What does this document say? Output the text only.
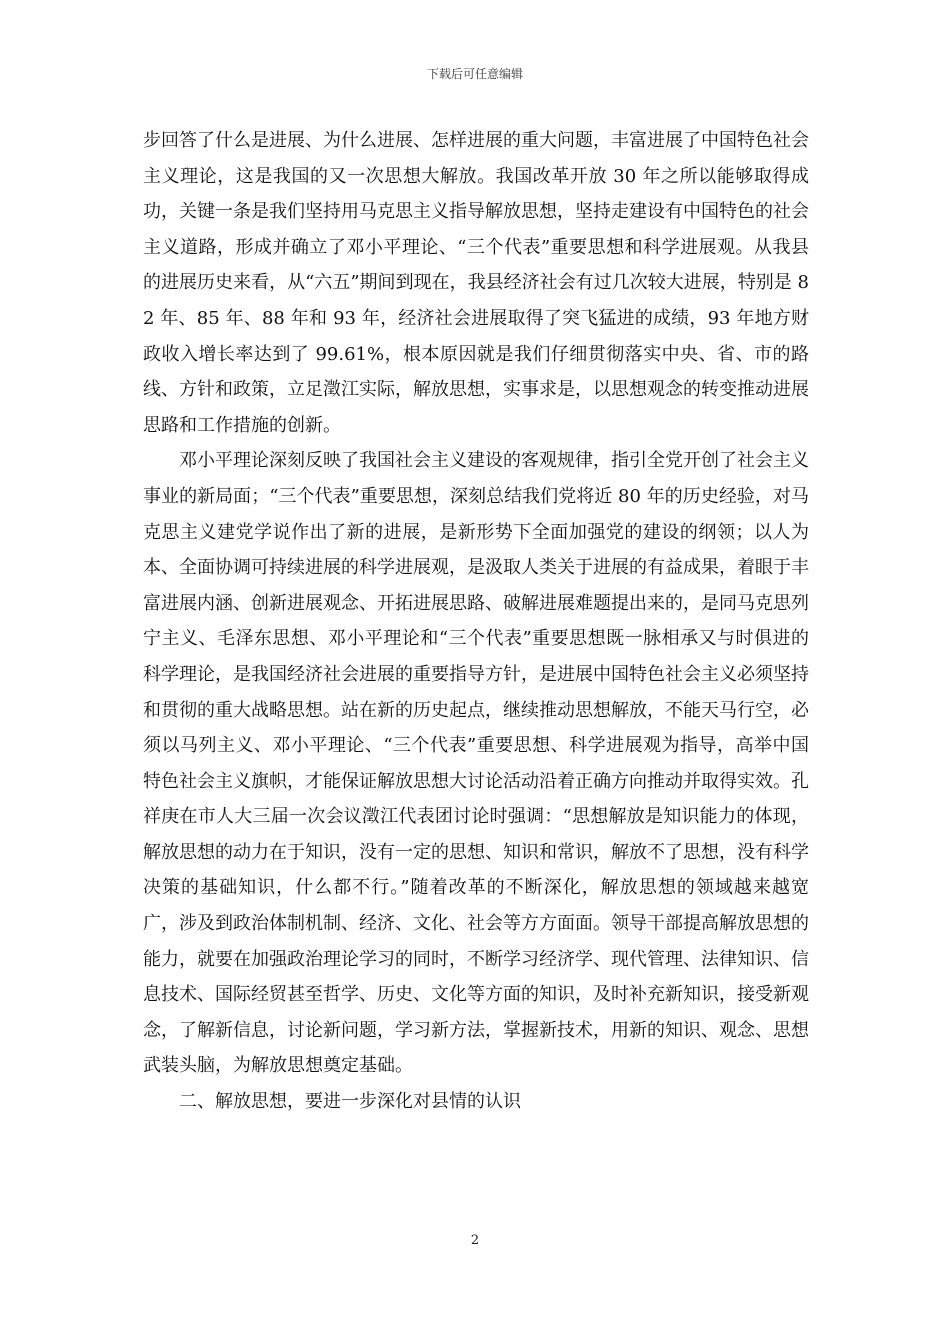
下载后可任意编辑

步回答了什么是进展、为什么进展、怎样进展的重大问题，丰富进展了中国特色社会主义理论，这是我国的又一次思想大解放。我国改革开放 30 年之所以能够取得成功，关键一条是我们坚持用马克思主义指导解放思想，坚持走建设有中国特色的社会主义道路，形成并确立了邓小平理论、“三个代表”重要思想和科学进展观。从我县的进展历史来看，从“六五”期间到现在，我县经济社会有过几次较大进展，特别是 82 年、85 年、88 年和 93 年，经济社会进展取得了突飞猛进的成绩，93 年地方财政收入增长率达到了 99.61%，根本原因就是我们仔细贯彻落实中央、省、市的路线、方针和政策，立足澂江实际，解放思想，实事求是，以思想观念的转变推动进展思路和工作措施的创新。

邓小平理论深刻反映了我国社会主义建设的客观规律，指引全党开创了社会主义事业的新局面；“三个代表”重要思想，深刻总结我们党将近 80 年的历史经验，对马克思主义建党学说作出了新的进展，是新形势下全面加强党的建设的纲领；以人为本、全面协调可持续进展的科学进展观，是汲取人类关于进展的有益成果，着眼于丰富进展内涵、创新进展观念、开拓进展思路、破解进展难题提出来的，是同马克思列宁主义、毛泽东思想、邓小平理论和“三个代表”重要思想既一脉相承又与时俱进的科学理论，是我国经济社会进展的重要指导方针，是进展中国特色社会主义必须坚持和贯彻的重大战略思想。站在新的历史起点，继续推动思想解放，不能天马行空，必须以马列主义、邓小平理论、“三个代表”重要思想、科学进展观为指导，高举中国特色社会主义旗帜，才能保证解放思想大讨论活动沿着正确方向推动并取得实效。孔祥庚在市人大三届一次会议澂江代表团讨论时强调：“思想解放是知识能力的体现，解放思想的动力在于知识，没有一定的思想、知识和常识，解放不了思想，没有科学决策的基础知识，什么都不行。”随着改革的不断深化，解放思想的领域越来越宽广，涉及到政治体制机制、经济、文化、社会等方方面面。领导干部提高解放思想的能力，就要在加强政治理论学习的同时，不断学习经济学、现代管理、法律知识、信息技术、国际经贸甚至哲学、历史、文化等方面的知识，及时补充新知识，接受新观念，了解新信息，讨论新问题，学习新方法，掌握新技术，用新的知识、观念、思想武装头脑，为解放思想奠定基础。

二、解放思想，要进一步深化对县情的认识

2
